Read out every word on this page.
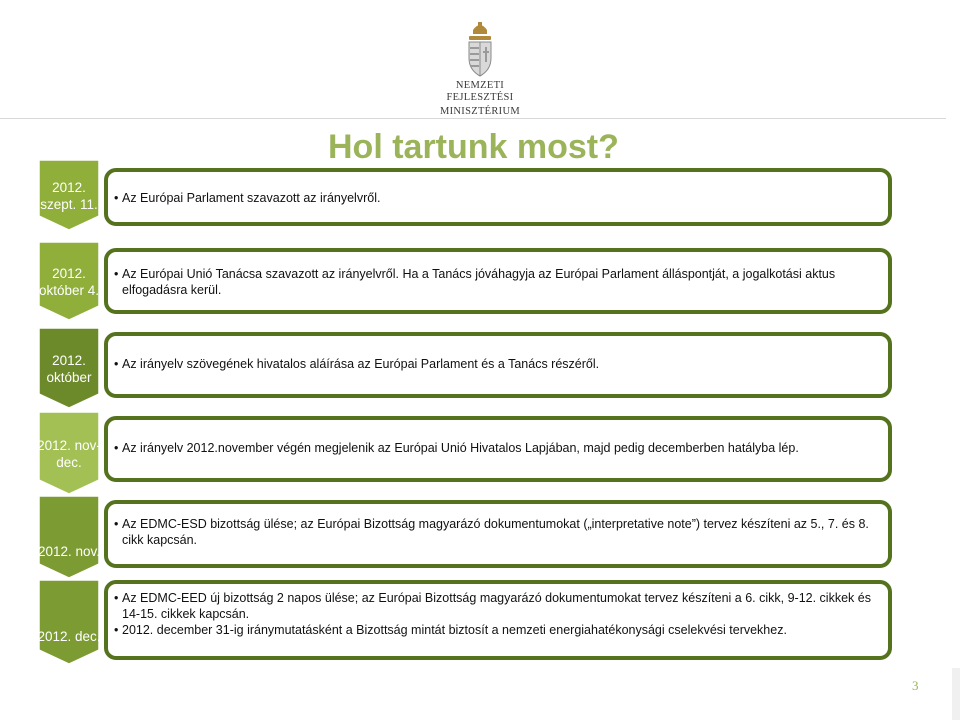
NEMZETI FEJLESZTÉSI
MINISZTÉRIUM
Hol tartunk most?
2012.
szept. 11.	• Az Európai Parlament szavazott az irányelvről.

2012.
október 4.

• Az Európai Unió Tanácsa szavazott az irányelvről. Ha a Tanács jóváhagyja az Európai Parlament álláspontját, a jogalkotási aktus elfogadásra kerül.

2012.
október

• Az irányelv szövegének hivatalos aláírása az Európai Parlament és a Tanács részéről.

2012. nov-
dec.

• Az irányelv 2012.november végén megjelenik az Európai Unió Hivatalos Lapjában, majd pedig decemberben hatályba lép.

2012. nov.

• Az EDMC-ESD bizottság ülése; az Európai Bizottság magyarázó dokumentumokat („interpretative note”) tervez készíteni az 5., 7. és 8. cikk kapcsán.

2012. dec.

• Az EDMC-EED új bizottság 2 napos ülése; az Európai Bizottság magyarázó dokumentumokat tervez készíteni a 6. cikk, 9-12. cikkek és 14-15. cikkek kapcsán.

• 2012. december 31-ig iránymutatásként a Bizottság mintát biztosít a nemzeti energiahatékonysági cselekvési tervekhez.

3
